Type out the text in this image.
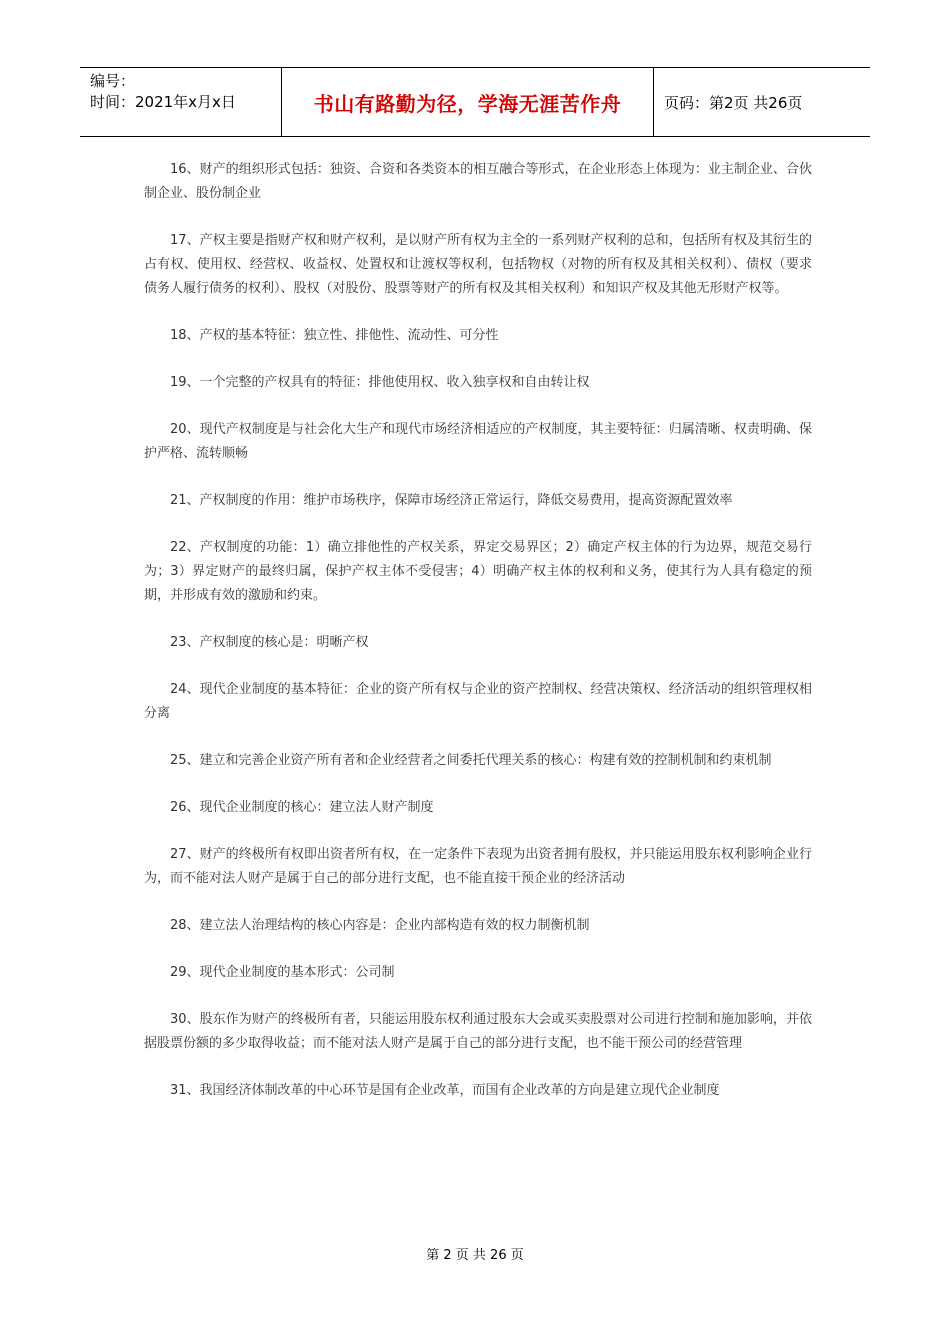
编号：
时间：2021年x月x日	书山有路勤为径，学海无涯苦作舟	页码：第2页 共26页

16、财产的组织形式包括：独资、合资和各类资本的相互融合等形式，在企业形态上体现为：业主制企业、合伙制企业、股份制企业

17、产权主要是指财产权和财产权利，是以财产所有权为主全的一系列财产权利的总和，包括所有权及其衍生的占有权、使用权、经营权、收益权、处置权和让渡权等权利，包括物权（对物的所有权及其相关权利）、债权（要求债务人履行债务的权利）、股权（对股份、股票等财产的所有权及其相关权利）和知识产权及其他无形财产权等。

18、产权的基本特征：独立性、排他性、流动性、可分性

19、一个完整的产权具有的特征：排他使用权、收入独享权和自由转让权

20、现代产权制度是与社会化大生产和现代市场经济相适应的产权制度，其主要特征：归属清晰、权责明确、保护严格、流转顺畅

21、产权制度的作用：维护市场秩序，保障市场经济正常运行，降低交易费用，提高资源配置效率

22、产权制度的功能：1）确立排他性的产权关系，界定交易界区；2）确定产权主体的行为边界，规范交易行为；3）界定财产的最终归属，保护产权主体不受侵害；4）明确产权主体的权利和义务，使其行为人具有稳定的预期，并形成有效的激励和约束。

23、产权制度的核心是：明晰产权

24、现代企业制度的基本特征：企业的资产所有权与企业的资产控制权、经营决策权、经济活动的组织管理权相分离

25、建立和完善企业资产所有者和企业经营者之间委托代理关系的核心：构建有效的控制机制和约束机制

26、现代企业制度的核心：建立法人财产制度

27、财产的终极所有权即出资者所有权，在一定条件下表现为出资者拥有股权，并只能运用股东权利影响企业行为，而不能对法人财产是属于自己的部分进行支配，也不能直接干预企业的经济活动

28、建立法人治理结构的核心内容是：企业内部构造有效的权力制衡机制

29、现代企业制度的基本形式：公司制

30、股东作为财产的终极所有者，只能运用股东权利通过股东大会或买卖股票对公司进行控制和施加影响，并依据股票份额的多少取得收益；而不能对法人财产是属于自己的部分进行支配，也不能干预公司的经营管理

31、我国经济体制改革的中心环节是国有企业改革，而国有企业改革的方向是建立现代企业制度

第 2 页 共 26 页
